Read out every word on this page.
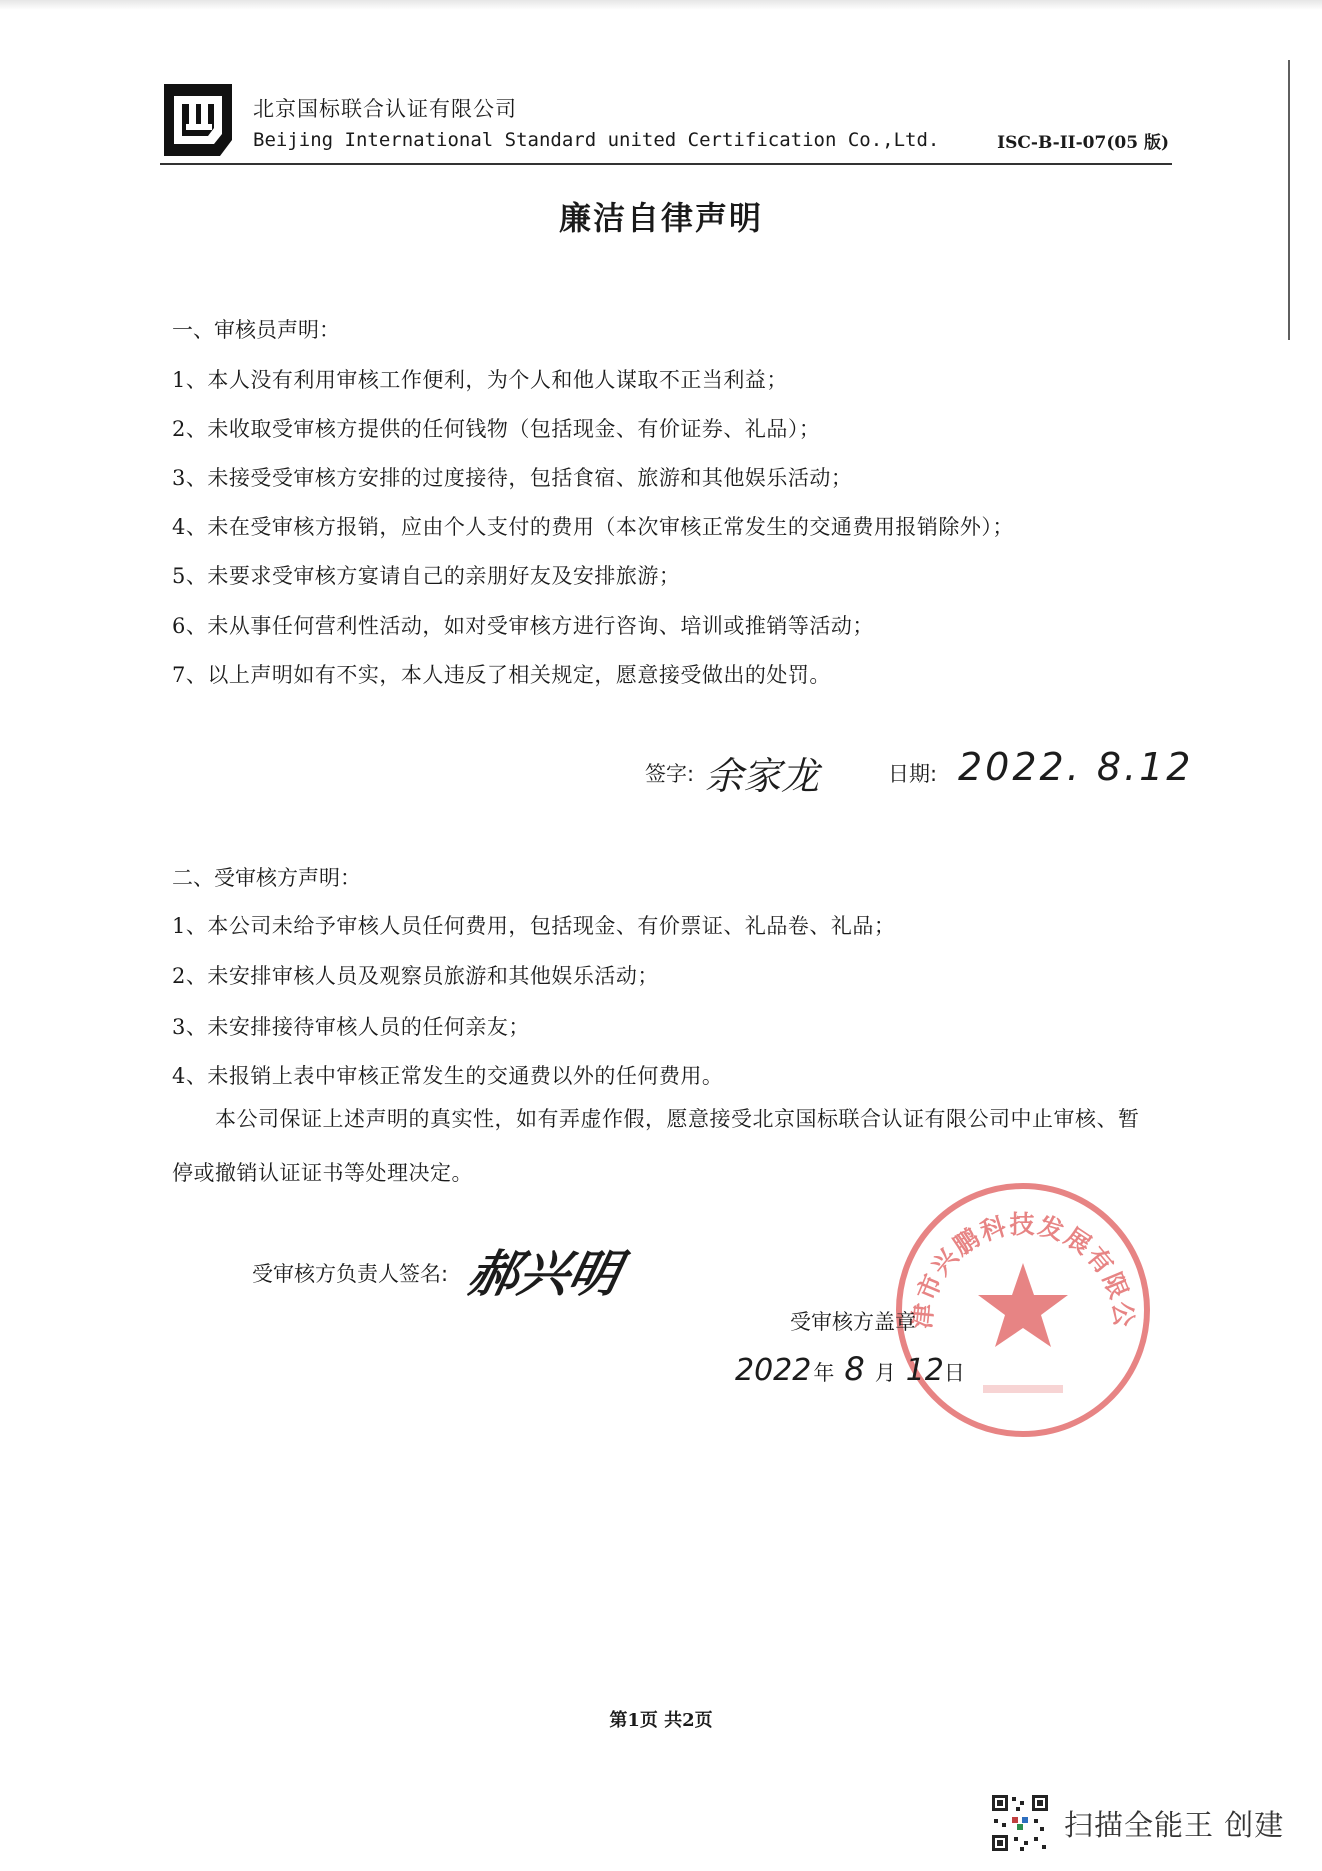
北京国标联合认证有限公司
Beijing International Standard united Certification Co.,Ltd.	ISC-B-II-07(05 版)
廉洁自律声明
一、审核员声明：
1、本人没有利用审核工作便利，为个人和他人谋取不正当利益；
2、未收取受审核方提供的任何钱物（包括现金、有价证券、礼品）；
3、未接受受审核方安排的过度接待，包括食宿、旅游和其他娱乐活动；
4、未在受审核方报销，应由个人支付的费用（本次审核正常发生的交通费用报销除外）；
5、未要求受审核方宴请自己的亲朋好友及安排旅游；
6、未从事任何营利性活动，如对受审核方进行咨询、培训或推销等活动；
7、以上声明如有不实，本人违反了相关规定，愿意接受做出的处罚。
签字: 余家龙	日期: 2022. 8.12
二、受审核方声明：
1、本公司未给予审核人员任何费用，包括现金、有价票证、礼品卷、礼品；
2、未安排审核人员及观察员旅游和其他娱乐活动；
3、未安排接待审核人员的任何亲友；
4、未报销上表中审核正常发生的交通费以外的任何费用。
本公司保证上述声明的真实性，如有弄虚作假，愿意接受北京国标联合认证有限公司中止审核、暂
停或撤销认证证书等处理决定。
津市兴鹏科技发展有限公
受审核方负责人签名: 郝兴明
受审核方盖章
2022 年 8 月 12 日
第1页 共2页
扫描全能王 创建
